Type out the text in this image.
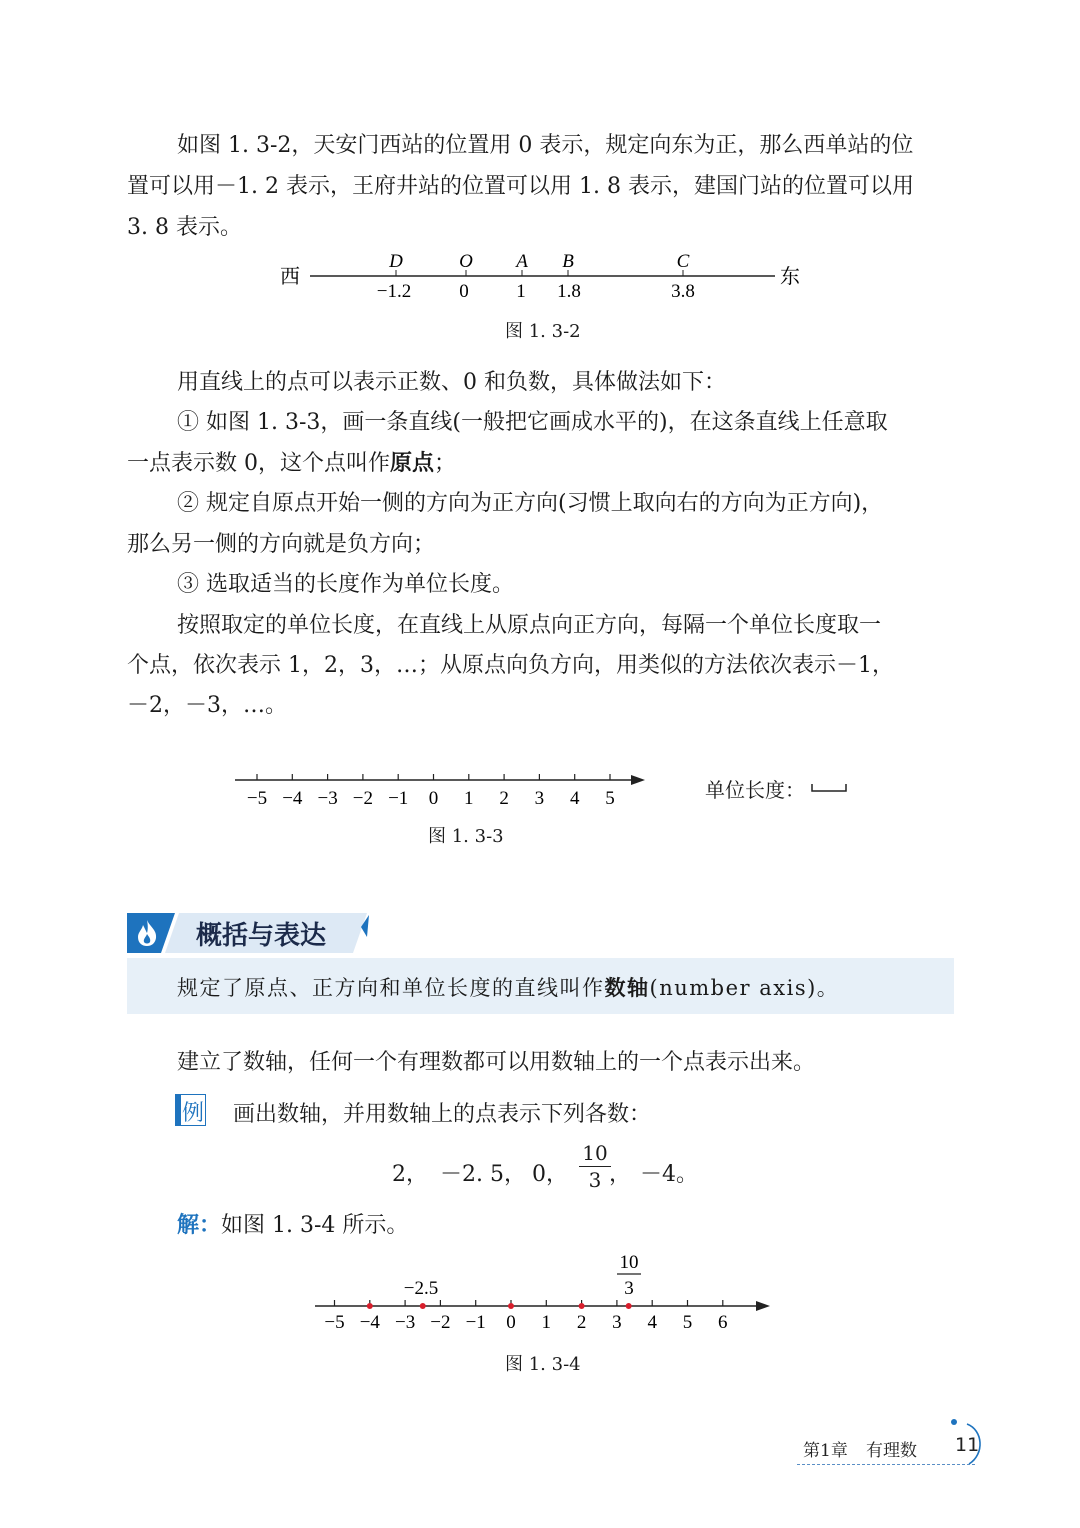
如图 1. 3-2，天安门西站的位置用 0 表示，规定向东为正，那么西单站的位
置可以用－1. 2 表示，王府井站的位置可以用 1. 8 表示，建国门站的位置可以用
3. 8 表示。
西	东
D
−1.2
O
0
A
1
B
1.8
C
3.8
图 1. 3-2
用直线上的点可以表示正数、0 和负数，具体做法如下：
① 如图 1. 3-3，画一条直线(一般把它画成水平的)，在这条直线上任意取
一点表示数 0，这个点叫作原点；
② 规定自原点开始一侧的方向为正方向(习惯上取向右的方向为正方向)，
那么另一侧的方向就是负方向；
③ 选取适当的长度作为单位长度。
按照取定的单位长度，在直线上从原点向正方向，每隔一个单位长度取一
个点，依次表示 1，2，3，…；从原点向负方向，用类似的方法依次表示－1，
－2，－3，…。
−5 −4 −3 −2 −1 0 1 2 3 4 5	单位长度：
图 1. 3-3
概括与表达
规定了原点、正方向和单位长度的直线叫作数轴(number axis)。
建立了数轴，任何一个有理数都可以用数轴上的一个点表示出来。
例 画出数轴，并用数轴上的点表示下列各数：
2， －2. 5， 0， $\frac{10}{3}$
， －4。
解：如图 1. 3-4 所示。
−2.5
10
3
−5 −4 −3 −2 −1 0 1 2 3 4 5 6
图 1. 3-4
第1章 有理数 11
